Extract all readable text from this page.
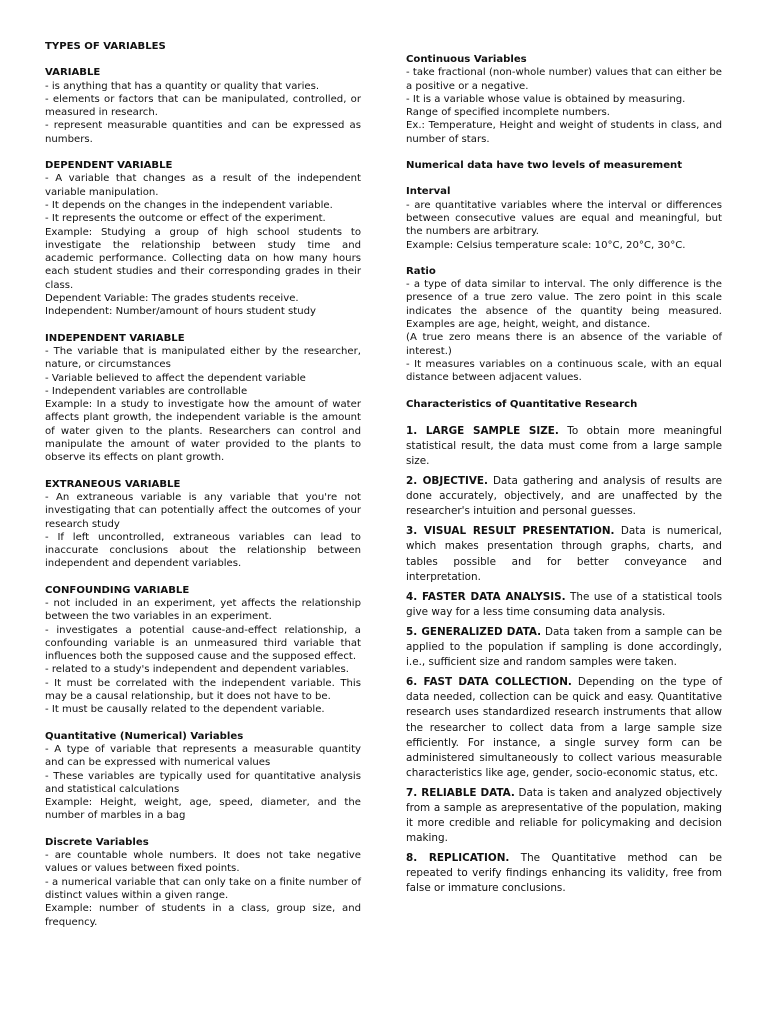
TYPES OF VARIABLES

VARIABLE

- is anything that has a quantity or quality that varies.

- elements or factors that can be manipulated, controlled, or measured in research.

- represent measurable quantities and can be expressed as numbers.

DEPENDENT VARIABLE

- A variable that changes as a result of the independent variable manipulation.

- It depends on the changes in the independent variable.

- It represents the outcome or effect of the experiment.

Example: Studying a group of high school students to investigate the relationship between study time and academic performance. Collecting data on how many hours each student studies and their corresponding grades in their class.

Dependent Variable: The grades students receive.

Independent: Number/amount of hours student study

INDEPENDENT VARIABLE

- The variable that is manipulated either by the researcher, nature, or circumstances

- Variable believed to affect the dependent variable

- Independent variables are controllable

Example: In a study to investigate how the amount of water affects plant growth, the independent variable is the amount of water given to the plants. Researchers can control and manipulate the amount of water provided to the plants to observe its effects on plant growth.

EXTRANEOUS VARIABLE

- An extraneous variable is any variable that you're not investigating that can potentially affect the outcomes of your research study

- If left uncontrolled, extraneous variables can lead to inaccurate conclusions about the relationship between independent and dependent variables.

CONFOUNDING VARIABLE

- not included in an experiment, yet affects the relationship between the two variables in an experiment.

- investigates a potential cause-and-effect relationship, a confounding variable is an unmeasured third variable that influences both the supposed cause and the supposed effect.

- related to a study's independent and dependent variables.

- It must be correlated with the independent variable. This may be a causal relationship, but it does not have to be.

- It must be causally related to the dependent variable.

Quantitative (Numerical) Variables

- A type of variable that represents a measurable quantity and can be expressed with numerical values

- These variables are typically used for quantitative analysis and statistical calculations

Example: Height, weight, age, speed, diameter, and the number of marbles in a bag

Discrete Variables

- are countable whole numbers. It does not take negative values or values between fixed points.

- a numerical variable that can only take on a finite number of distinct values within a given range.

Example: number of students in a class, group size, and frequency.

Continuous Variables

- take fractional (non-whole number) values that can either be a positive or a negative.

- It is a variable whose value is obtained by measuring.

Range of specified incomplete numbers.

Ex.: Temperature, Height and weight of students in class, and number of stars.

Numerical data have two levels of measurement

Interval

- are quantitative variables where the interval or differences between consecutive values are equal and meaningful, but the numbers are arbitrary.

Example: Celsius temperature scale: 10°C, 20°C, 30°C.

Ratio

- a type of data similar to interval. The only difference is the presence of a true zero value. The zero point in this scale indicates the absence of the quantity being measured. Examples are age, height, weight, and distance.

(A true zero means there is an absence of the variable of interest.)

- It measures variables on a continuous scale, with an equal distance between adjacent values.

Characteristics of Quantitative Research

1. LARGE SAMPLE SIZE. To obtain more meaningful statistical result, the data must come from a large sample size.

2. OBJECTIVE. Data gathering and analysis of results are done accurately, objectively, and are unaffected by the researcher's intuition and personal guesses.

3. VISUAL RESULT PRESENTATION. Data is numerical, which makes presentation through graphs, charts, and tables possible and for better conveyance and interpretation.

4. FASTER DATA ANALYSIS. The use of a statistical tools give way for a less time consuming data analysis.

5. GENERALIZED DATA. Data taken from a sample can be applied to the population if sampling is done accordingly, i.e., sufficient size and random samples were taken.

6. FAST DATA COLLECTION. Depending on the type of data needed, collection can be quick and easy. Quantitative research uses standardized research instruments that allow the researcher to collect data from a large sample size efficiently. For instance, a single survey form can be administered simultaneously to collect various measurable characteristics like age, gender, socio-economic status, etc.

7. RELIABLE DATA. Data is taken and analyzed objectively from a sample as arepresentative of the population, making it more credible and reliable for policymaking and decision making.

8. REPLICATION. The Quantitative method can be repeated to verify findings enhancing its validity, free from false or immature conclusions.
